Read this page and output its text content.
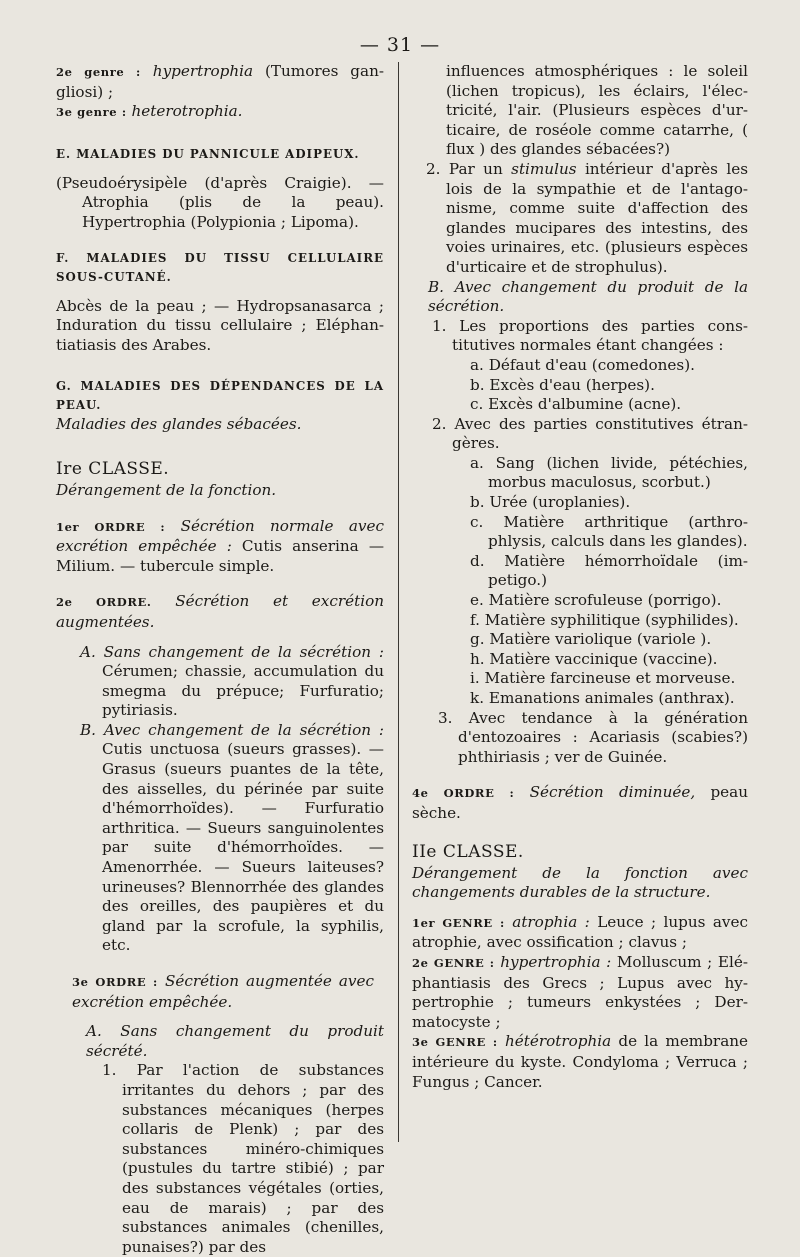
— 31 —

2e genre : hypertrophia (Tumores gangliosi) ;

3e genre : heterotrophia.

E. MALADIES DU PANNICULE ADIPEUX.

(Pseudoérysipèle (d'après Craigie). — Atrophia (plis de la peau). Hypertrophia (Polypionia ; Lipoma).

F. MALADIES DU TISSU CELLULAIRE SOUS-CUTANÉ.

Abcès de la peau ; — Hydropsanasarca ; Induration du tissu cellulaire ; Eléphantiatiasis des Arabes.

G. MALADIES DES DÉPENDANCES DE LA PEAU.

Maladies des glandes sébacées.

Ire CLASSE.

Dérangement de la fonction.

1er ORDRE : Sécrétion normale avec excrétion empêchée : Cutis anserina — Milium. — tubercule simple.

2e ORDRE. Sécrétion et excrétion augmentées.

A. Sans changement de la sécrétion : Cérumen; chassie, accumulation du smegma du prépuce; Furfuratio; pytiriasis.

B. Avec changement de la sécrétion : Cutis unctuosa (sueurs grasses). — Grasus (sueurs puantes de la tête, des aisselles, du périnée par suite d'hémorrhoïdes). — Furfuratio arthritica. — Sueurs sanguinolentes par suite d'hémorrhoïdes. — Amenorrhée. — Sueurs laiteuses? urineuses? Blennorrhée des glandes des oreilles, des paupières et du gland par la scrofule, la syphilis, etc.

3e ORDRE : Sécrétion augmentée avec excrétion empêchée.

A. Sans changement du produit sécrété.

1. Par l'action de substances irritantes du dehors ; par des substances mécaniques (herpes collaris de Plenk) ; par des substances minéro-chimiques (pustules du tartre stibié) ; par des substances végétales (orties, eau de marais) ; par des substances animales (chenilles, punaises?) par des

influences atmosphériques : le soleil (lichen tropicus), les éclairs, l'électricité, l'air. (Plusieurs espèces d'urticaire, de roséole comme catarrhe, ( flux ) des glandes sébacées?)

2. Par un stimulus intérieur d'après les lois de la sympathie et de l'antagonisme, comme suite d'affection des glandes mucipares des intestins, des voies urinaires, etc. (plusieurs espèces d'urticaire et de strophulus).

B. Avec changement du produit de la sécrétion.

1. Les proportions des parties constitutives normales étant changées :

a. Défaut d'eau (comedones).

b. Excès d'eau (herpes).

c. Excès d'albumine (acne).

2. Avec des parties constitutives étrangères.

a. Sang (lichen livide, pétéchies, morbus maculosus, scorbut.)

b. Urée (uroplanies).

c. Matière arthritique (arthrophlysis, calculs dans les glandes).

d. Matière hémorrhoïdale (impetigo.)

e. Matière scrofuleuse (porrigo).

f. Matière syphilitique (syphilides).

g. Matière variolique (variole ).

h. Matière vaccinique (vaccine).

i. Matière farcineuse et morveuse.

k. Emanations animales (anthrax).

3. Avec tendance à la génération d'entozoaires : Acariasis (scabies?) phthiriasis ; ver de Guinée.

4e ORDRE : Sécrétion diminuée, peau sèche.

IIe CLASSE.

Dérangement de la fonction avec changements durables de la structure.

1er GENRE : atrophia : Leuce ; lupus avec atrophie, avec ossification ; clavus ;

2e GENRE : hypertrophia : Molluscum ; Eléphantiasis des Grecs ; Lupus avec hypertrophie ; tumeurs enkystées ; Dermatocyste ;

3e GENRE : hétérotrophia de la membrane intérieure du kyste. Condyloma ; Verruca ; Fungus ; Cancer.
